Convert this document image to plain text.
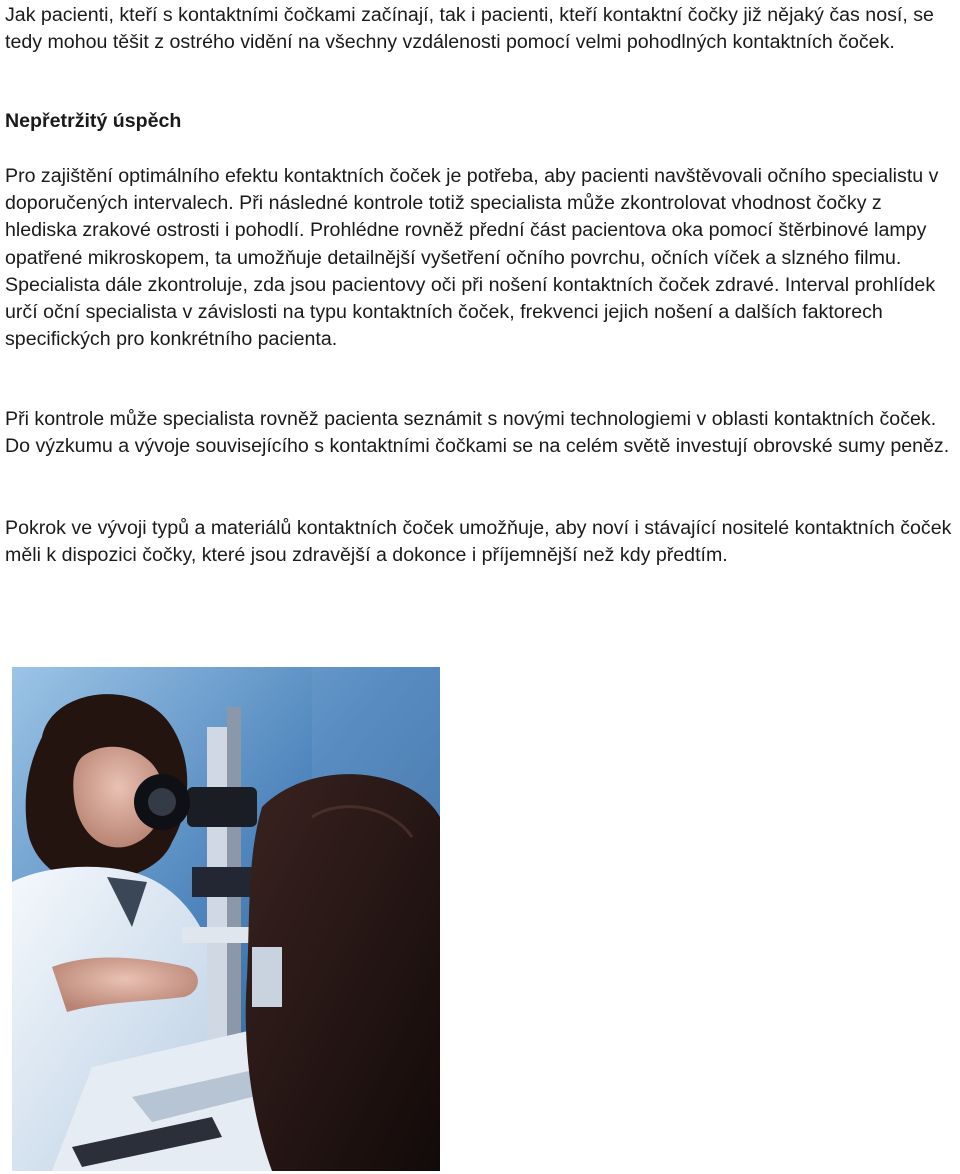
Jak pacienti, kteří s kontaktními čočkami začínají, tak i pacienti, kteří kontaktní čočky již nějaký čas nosí, se tedy mohou těšit z ostrého vidění na všechny vzdálenosti pomocí velmi pohodlných kontaktních čoček.

Nepřetržitý úspěch

Pro zajištění optimálního efektu kontaktních čoček je potřeba, aby pacienti navštěvovali očního specialistu v doporučených intervalech. Při následné kontrole totiž specialista může zkontrolovat vhodnost čočky z hlediska zrakové ostrosti i pohodlí. Prohlédne rovněž přední část pacientova oka pomocí štěrbinové lampy opatřené mikroskopem, ta umožňuje detailnější vyšetření očního povrchu, očních víček a slzného filmu. Specialista dále zkontroluje, zda jsou pacientovy oči při nošení kontaktních čoček zdravé. Interval prohlídek určí oční specialista v závislosti na typu kontaktních čoček, frekvenci jejich nošení a dalších faktorech specifických pro konkrétního pacienta.

Při kontrole může specialista rovněž pacienta seznámit s novými technologiemi v oblasti kontaktních čoček. Do výzkumu a vývoje souvisejícího s kontaktními čočkami se na celém světě investují obrovské sumy peněz.

Pokrok ve vývoji typů a materiálů kontaktních čoček umožňuje, aby noví i stávající nositelé kontaktních čoček měli k dispozici čočky, které jsou zdravější a dokonce i příjemnější než kdy předtím.
